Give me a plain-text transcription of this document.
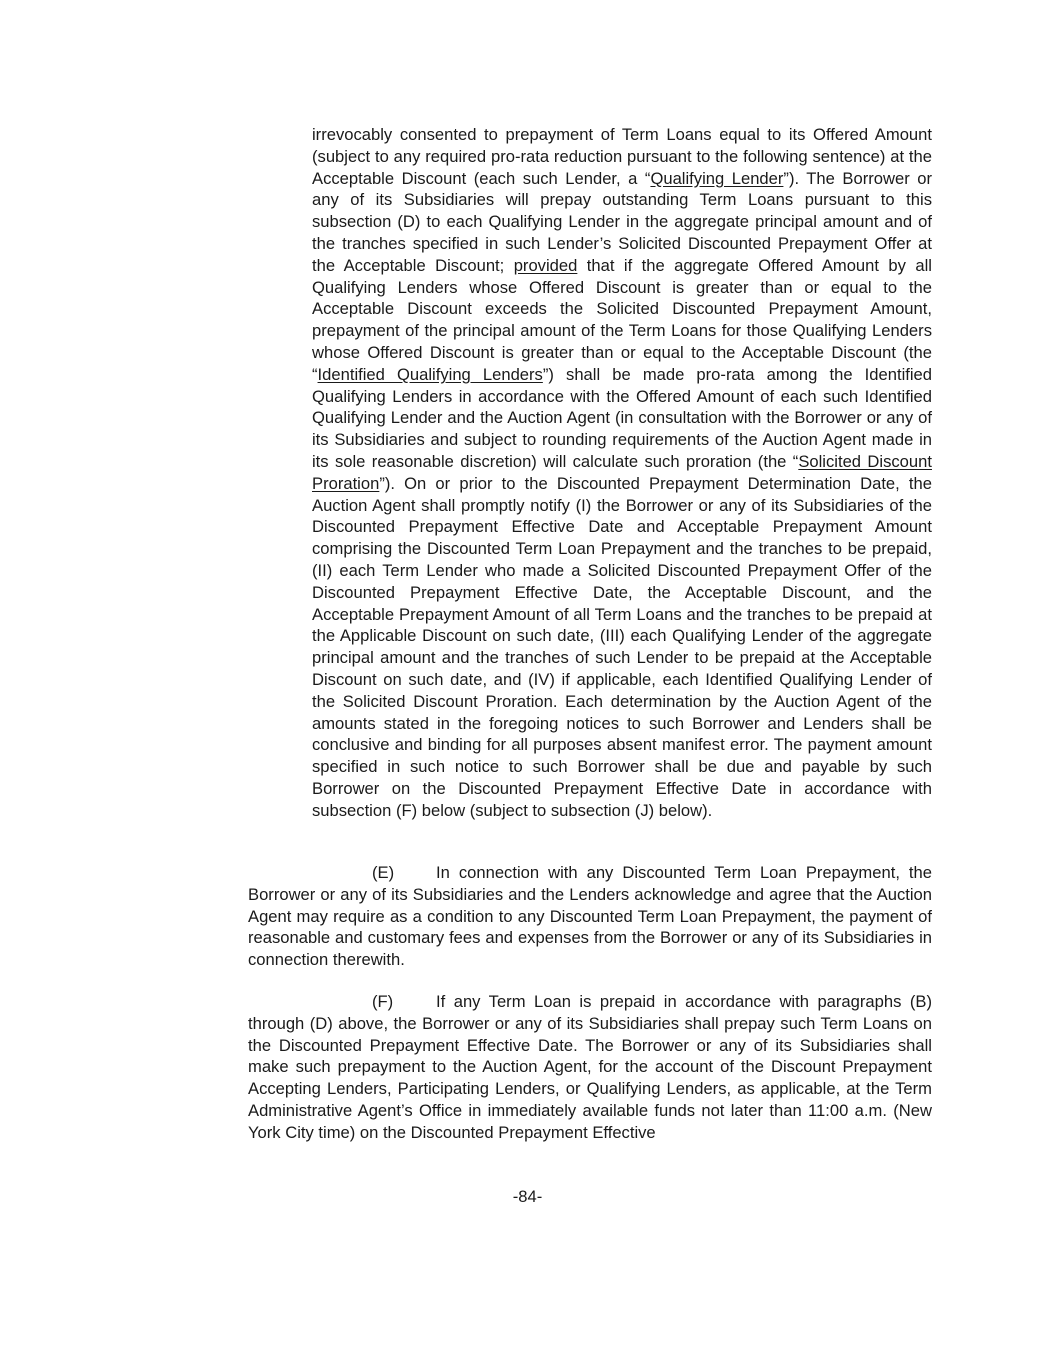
irrevocably consented to prepayment of Term Loans equal to its Offered Amount (subject to any required pro-rata reduction pursuant to the following sentence) at the Acceptable Discount (each such Lender, a “Qualifying Lender”). The Borrower or any of its Subsidiaries will prepay outstanding Term Loans pursuant to this subsection (D) to each Qualifying Lender in the aggregate principal amount and of the tranches specified in such Lender’s Solicited Discounted Prepayment Offer at the Acceptable Discount; provided that if the aggregate Offered Amount by all Qualifying Lenders whose Offered Discount is greater than or equal to the Acceptable Discount exceeds the Solicited Discounted Prepayment Amount, prepayment of the principal amount of the Term Loans for those Qualifying Lenders whose Offered Discount is greater than or equal to the Acceptable Discount (the “Identified Qualifying Lenders”) shall be made pro-rata among the Identified Qualifying Lenders in accordance with the Offered Amount of each such Identified Qualifying Lender and the Auction Agent (in consultation with the Borrower or any of its Subsidiaries and subject to rounding requirements of the Auction Agent made in its sole reasonable discretion) will calculate such proration (the “Solicited Discount Proration”). On or prior to the Discounted Prepayment Determination Date, the Auction Agent shall promptly notify (I) the Borrower or any of its Subsidiaries of the Discounted Prepayment Effective Date and Acceptable Prepayment Amount comprising the Discounted Term Loan Prepayment and the tranches to be prepaid, (II) each Term Lender who made a Solicited Discounted Prepayment Offer of the Discounted Prepayment Effective Date, the Acceptable Discount, and the Acceptable Prepayment Amount of all Term Loans and the tranches to be prepaid at the Applicable Discount on such date, (III) each Qualifying Lender of the aggregate principal amount and the tranches of such Lender to be prepaid at the Acceptable Discount on such date, and (IV) if applicable, each Identified Qualifying Lender of the Solicited Discount Proration. Each determination by the Auction Agent of the amounts stated in the foregoing notices to such Borrower and Lenders shall be conclusive and binding for all purposes absent manifest error. The payment amount specified in such notice to such Borrower shall be due and payable by such Borrower on the Discounted Prepayment Effective Date in accordance with subsection (F) below (subject to subsection (J) below).

(E)	In connection with any Discounted Term Loan Prepayment, the Borrower or any of its Subsidiaries and the Lenders acknowledge and agree that the Auction Agent may require as a condition to any Discounted Term Loan Prepayment, the payment of reasonable and customary fees and expenses from the Borrower or any of its Subsidiaries in connection therewith.

(F)	If any Term Loan is prepaid in accordance with paragraphs (B) through (D) above, the Borrower or any of its Subsidiaries shall prepay such Term Loans on the Discounted Prepayment Effective Date. The Borrower or any of its Subsidiaries shall make such prepayment to the Auction Agent, for the account of the Discount Prepayment Accepting Lenders, Participating Lenders, or Qualifying Lenders, as applicable, at the Term Administrative Agent’s Office in immediately available funds not later than 11:00 a.m. (New York City time) on the Discounted Prepayment Effective

-84-
